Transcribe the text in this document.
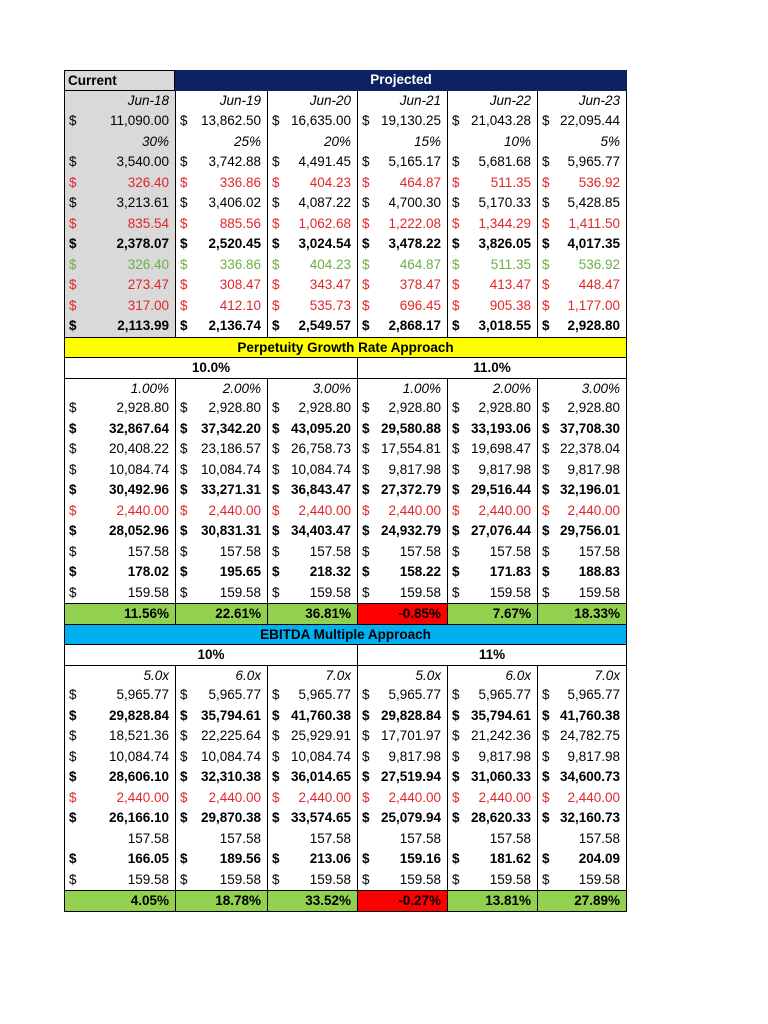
Current	Projected
Jun-18	Jun-19	Jun-20	Jun-21	Jun-22	Jun-23
$ 11,090.00 $ 13,862.50 $ 16,635.00 $ 19,130.25 $ 21,043.28 $ 22,095.44
30%	25%	20%	15%	10%	5%
$	3,540.00 $ 3,742.88 $ 4,491.45 $ 5,165.17 $ 5,681.68 $ 5,965.77
$	326.40 $ 336.86 $ 404.23 $ 464.87 $ 511.35 $ 536.92
$	3,213.61 $ 3,406.02 $ 4,087.22 $ 4,700.30 $ 5,170.33 $ 5,428.85
$	835.54 $ 885.56 $ 1,062.68 $ 1,222.08 $ 1,344.29 $ 1,411.50
$	2,378.07 $ 2,520.45 $ 3,024.54 $ 3,478.22 $ 3,826.05 $ 4,017.35
$	326.40 $ 336.86 $ 404.23 $ 464.87 $ 511.35 $ 536.92
$	273.47 $ 308.47 $ 343.47 $ 378.47 $ 413.47 $ 448.47
$	317.00 $ 412.10 $ 535.73 $ 696.45 $ 905.38 $ 1,177.00
$	2,113.99 $ 2,136.74 $ 2,549.57 $ 2,868.17 $ 3,018.55 $ 2,928.80
Perpetuity Growth Rate Approach
10.0%	11.0%
1.00%	2.00%	3.00%	1.00%	2.00%	3.00%
$	2,928.80 $ 2,928.80 $ 2,928.80 $ 2,928.80 $ 2,928.80 $ 2,928.80
$ 32,867.64 $ 37,342.20 $ 43,095.20 $ 29,580.88 $ 33,193.06 $ 37,708.30
$ 20,408.22 $ 23,186.57 $ 26,758.73 $ 17,554.81 $ 19,698.47 $ 22,378.04
$ 10,084.74 $ 10,084.74 $ 10,084.74 $ 9,817.98 $ 9,817.98 $ 9,817.98
$ 30,492.96 $ 33,271.31 $ 36,843.47 $ 27,372.79 $ 29,516.44 $ 32,196.01
$	2,440.00 $ 2,440.00 $ 2,440.00 $ 2,440.00 $ 2,440.00 $ 2,440.00
$ 28,052.96 $ 30,831.31 $ 34,403.47 $ 24,932.79 $ 27,076.44 $ 29,756.01
$	157.58 $ 157.58 $ 157.58 $ 157.58 $ 157.58 $ 157.58
$	178.02 $ 195.65 $ 218.32 $ 158.22 $ 171.83 $ 188.83
$	159.58 $ 159.58 $ 159.58 $ 159.58 $ 159.58 $ 159.58
11.56%	22.61%	36.81%	-0.85%	7.67%	18.33%
EBITDA Multiple Approach
10%	11%
5.0x	6.0x	7.0x	5.0x	6.0x	7.0x
$	5,965.77 $ 5,965.77 $ 5,965.77 $ 5,965.77 $ 5,965.77 $ 5,965.77
$ 29,828.84 $ 35,794.61 $ 41,760.38 $ 29,828.84 $ 35,794.61 $ 41,760.38
$ 18,521.36 $ 22,225.64 $ 25,929.91 $ 17,701.97 $ 21,242.36 $ 24,782.75
$ 10,084.74 $ 10,084.74 $ 10,084.74 $ 9,817.98 $ 9,817.98 $ 9,817.98
$ 28,606.10 $ 32,310.38 $ 36,014.65 $ 27,519.94 $ 31,060.33 $ 34,600.73
$	2,440.00 $ 2,440.00 $ 2,440.00 $ 2,440.00 $ 2,440.00 $ 2,440.00
$ 26,166.10 $ 29,870.38 $ 33,574.65 $ 25,079.94 $ 28,620.33 $ 32,160.73
157.58	157.58	157.58	157.58	157.58	157.58
$	166.05 $ 189.56 $ 213.06 $ 159.16 $ 181.62 $ 204.09
$	159.58 $ 159.58 $ 159.58 $ 159.58 $ 159.58 $ 159.58
4.05%	18.78%	33.52%	-0.27%	13.81%	27.89%
